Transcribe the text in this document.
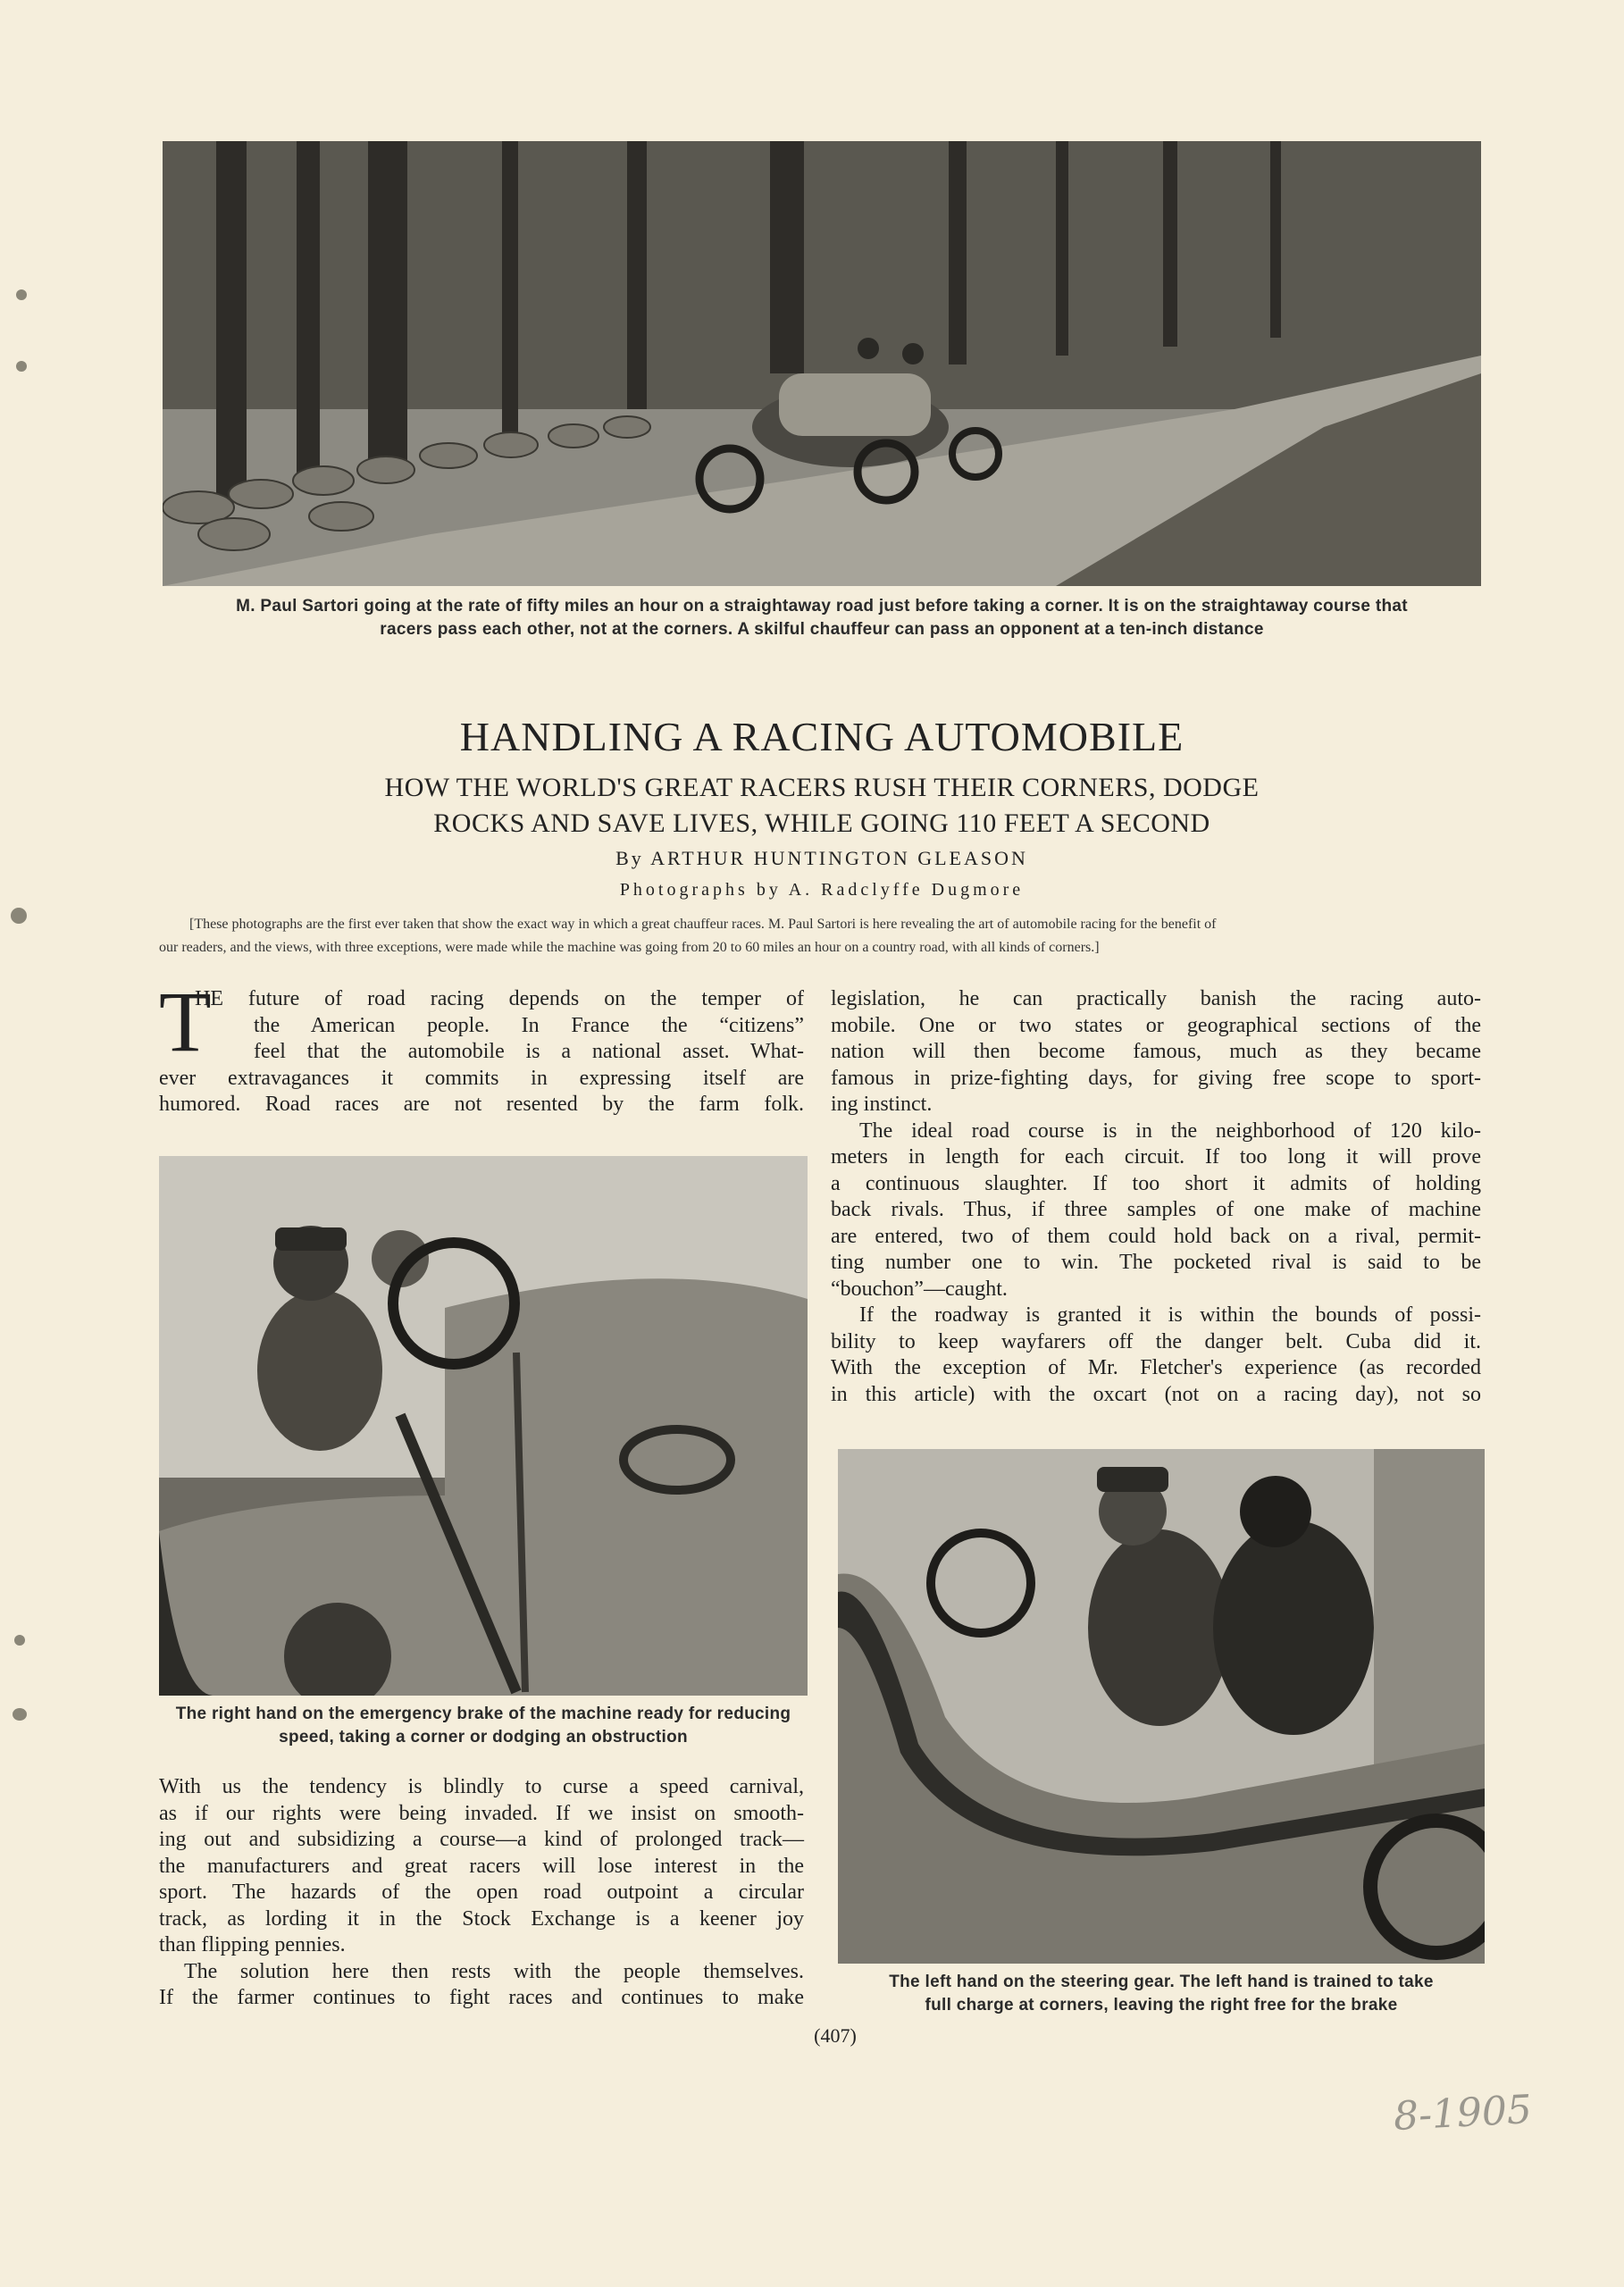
M. Paul Sartori going at the rate of fifty miles an hour on a straightaway road just before taking a corner. It is on the straightaway course that
racers pass each other, not at the corners. A skilful chauffeur can pass an opponent at a ten-inch distance
HANDLING A RACING AUTOMOBILE
HOW THE WORLD'S GREAT RACERS RUSH THEIR CORNERS, DODGE
ROCKS AND SAVE LIVES, WHILE GOING 110 FEET A SECOND
By ARTHUR HUNTINGTON GLEASON
Photographs by A. Radclyffe Dugmore
[These photographs are the first ever taken that show the exact way in which a great chauffeur races. M. Paul Sartori is here revealing the art of automobile racing for the benefit of
our readers, and the views, with three exceptions, were made while the machine was going from 20 to 60 miles an hour on a country road, with all kinds of corners.]
T
HE future of road racing depends on the temper of
the American people. In France the “citizens”
feel that the automobile is a national asset. What-
ever extravagances it commits in expressing itself are
humored. Road races are not resented by the farm folk.
legislation, he can practically banish the racing auto-
mobile. One or two states or geographical sections of the
nation will then become famous, much as they became
famous in prize-fighting days, for giving free scope to sport-
ing instinct.
The ideal road course is in the neighborhood of 120 kilo-
meters in length for each circuit. If too long it will prove
a continuous slaughter. If too short it admits of holding
back rivals. Thus, if three samples of one make of machine
are entered, two of them could hold back on a rival, permit-
ting number one to win. The pocketed rival is said to be
“bouchon”—caught.
If the roadway is granted it is within the bounds of possi-
bility to keep wayfarers off the danger belt. Cuba did it.
With the exception of Mr. Fletcher's experience (as recorded
in this article) with the oxcart (not on a racing day), not so
The right hand on the emergency brake of the machine ready for reducing
speed, taking a corner or dodging an obstruction
With us the tendency is blindly to curse a speed carnival,
as if our rights were being invaded. If we insist on smooth-
ing out and subsidizing a course—a kind of prolonged track—
the manufacturers and great racers will lose interest in the
sport. The hazards of the open road outpoint a circular
track, as lording it in the Stock Exchange is a keener joy
than flipping pennies.
The solution here then rests with the people themselves.
If the farmer continues to fight races and continues to make
The left hand on the steering gear. The left hand is trained to take
full charge at corners, leaving the right free for the brake
(407)
8-1905
